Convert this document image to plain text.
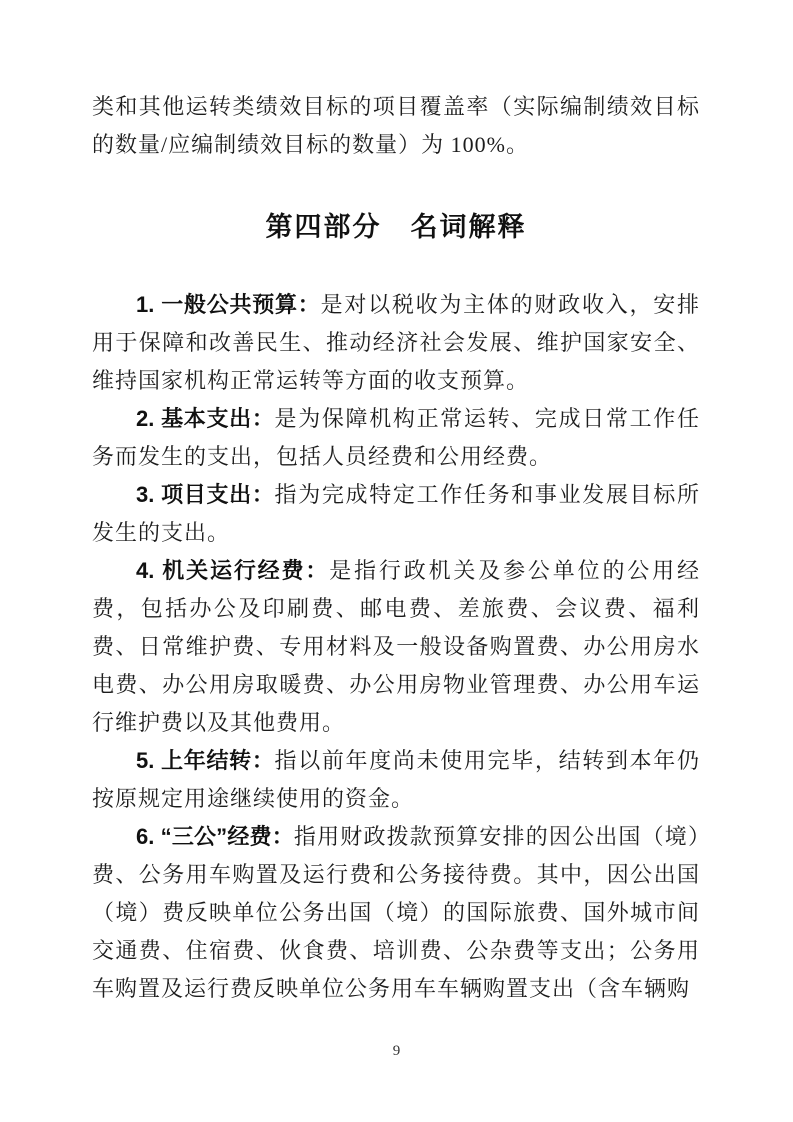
类和其他运转类绩效目标的项目覆盖率（实际编制绩效目标的数量/应编制绩效目标的数量）为 100%。

第四部分　名词解释

1. 一般公共预算：是对以税收为主体的财政收入，安排用于保障和改善民生、推动经济社会发展、维护国家安全、维持国家机构正常运转等方面的收支预算。

2. 基本支出：是为保障机构正常运转、完成日常工作任务而发生的支出，包括人员经费和公用经费。

3. 项目支出：指为完成特定工作任务和事业发展目标所发生的支出。

4. 机关运行经费：是指行政机关及参公单位的公用经费，包括办公及印刷费、邮电费、差旅费、会议费、福利费、日常维护费、专用材料及一般设备购置费、办公用房水电费、办公用房取暖费、办公用房物业管理费、办公用车运行维护费以及其他费用。

5. 上年结转：指以前年度尚未使用完毕，结转到本年仍按原规定用途继续使用的资金。

6. “三公”经费：指用财政拨款预算安排的因公出国（境）费、公务用车购置及运行费和公务接待费。其中，因公出国（境）费反映单位公务出国（境）的国际旅费、国外城市间交通费、住宿费、伙食费、培训费、公杂费等支出；公务用车购置及运行费反映单位公务用车车辆购置支出（含车辆购

9
